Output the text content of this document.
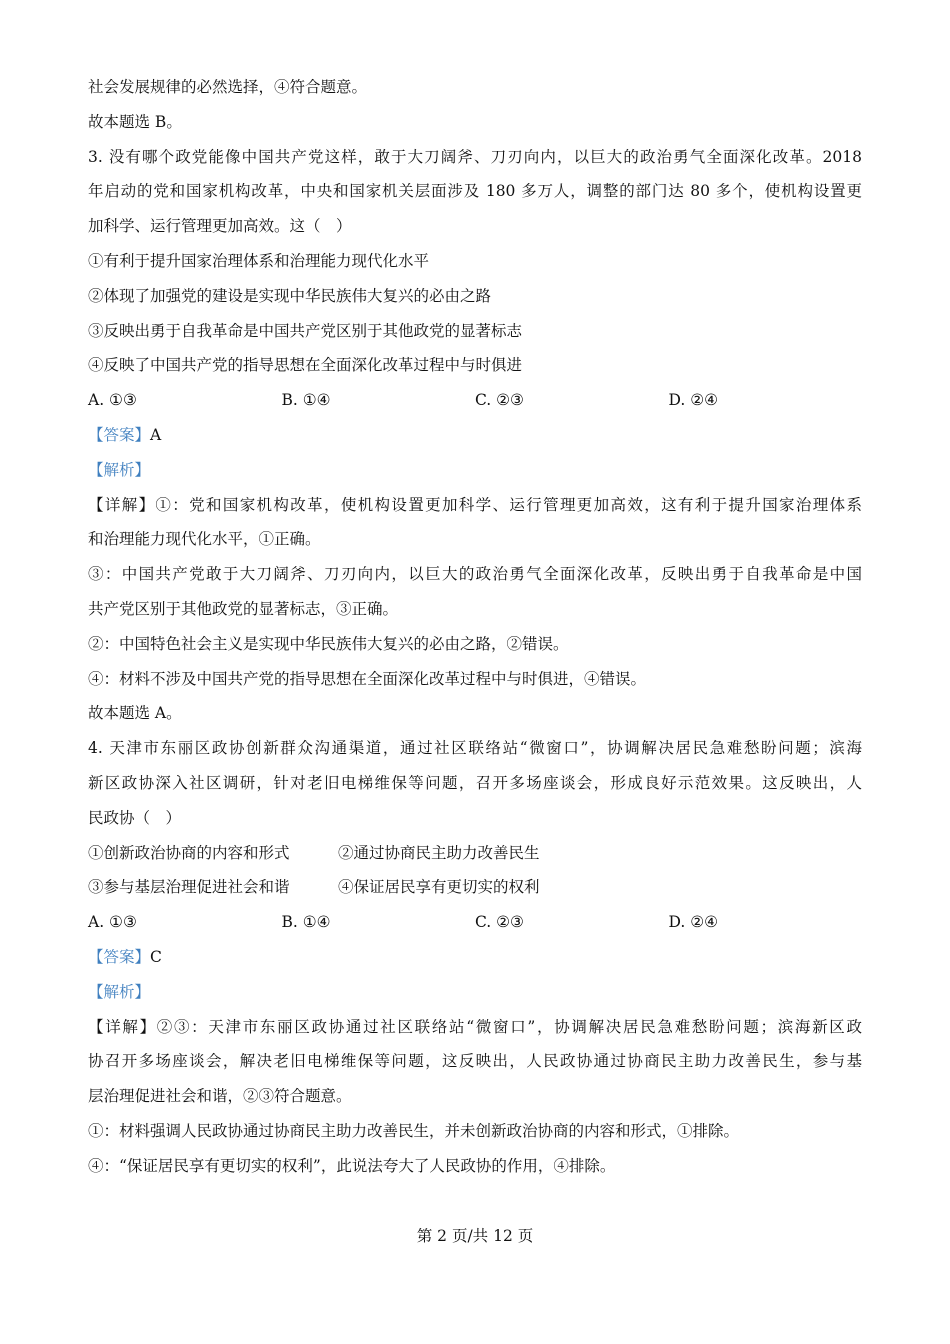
社会发展规律的必然选择，④符合题意。
故本题选 B。
3. 没有哪个政党能像中国共产党这样，敢于大刀阔斧、刀刃向内，以巨大的政治勇气全面深化改革。2018
年启动的党和国家机构改革，中央和国家机关层面涉及 180 多万人，调整的部门达 80 多个，使机构设置更
加科学、运行管理更加高效。这（　）
①有利于提升国家治理体系和治理能力现代化水平
②体现了加强党的建设是实现中华民族伟大复兴的必由之路
③反映出勇于自我革命是中国共产党区别于其他政党的显著标志
④反映了中国共产党的指导思想在全面深化改革过程中与时俱进
A. ①③	B. ①④	C. ②③	D. ②④
【答案】A
【解析】
【详解】①：党和国家机构改革，使机构设置更加科学、运行管理更加高效，这有利于提升国家治理体系
和治理能力现代化水平，①正确。
③：中国共产党敢于大刀阔斧、刀刃向内，以巨大的政治勇气全面深化改革，反映出勇于自我革命是中国
共产党区别于其他政党的显著标志，③正确。
②：中国特色社会主义是实现中华民族伟大复兴的必由之路，②错误。
④：材料不涉及中国共产党的指导思想在全面深化改革过程中与时俱进，④错误。
故本题选 A。
4. 天津市东丽区政协创新群众沟通渠道，通过社区联络站“微窗口”，协调解决居民急难愁盼问题；滨海
新区政协深入社区调研，针对老旧电梯维保等问题，召开多场座谈会，形成良好示范效果。这反映出，人
民政协（　）
①创新政治协商的内容和形式	②通过协商民主助力改善民生
③参与基层治理促进社会和谐	④保证居民享有更切实的权利
A. ①③	B. ①④	C. ②③	D. ②④
【答案】C
【解析】
【详解】②③：天津市东丽区政协通过社区联络站“微窗口”，协调解决居民急难愁盼问题；滨海新区政
协召开多场座谈会，解决老旧电梯维保等问题，这反映出，人民政协通过协商民主助力改善民生，参与基
层治理促进社会和谐，②③符合题意。
①：材料强调人民政协通过协商民主助力改善民生，并未创新政治协商的内容和形式，①排除。
④：“保证居民享有更切实的权利”，此说法夸大了人民政协的作用，④排除。
第 2 页/共 12 页
